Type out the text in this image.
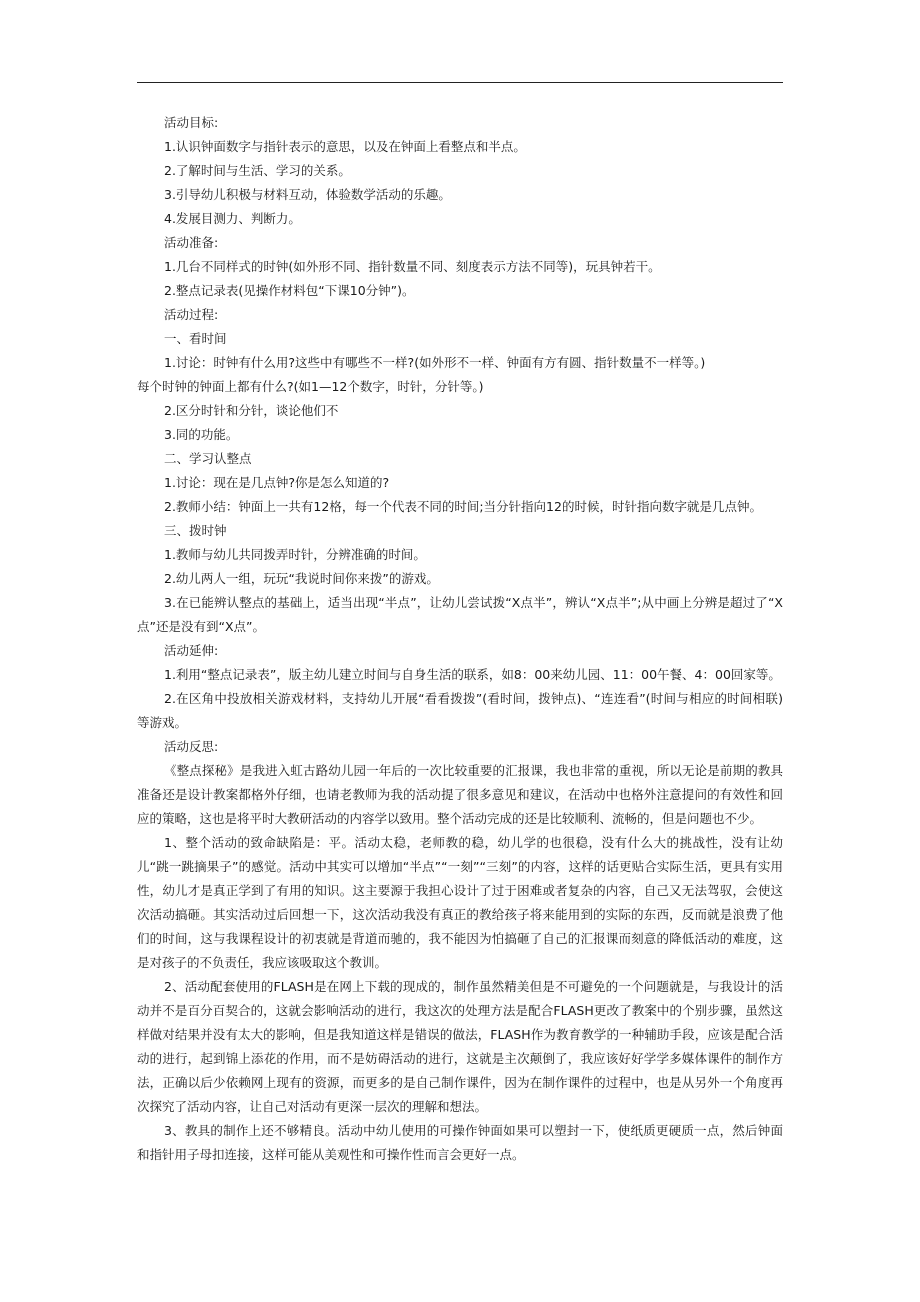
活动目标:

1.认识钟面数字与指针表示的意思，以及在钟面上看整点和半点。

2.了解时间与生活、学习的关系。

3.引导幼儿积极与材料互动，体验数学活动的乐趣。

4.发展目测力、判断力。

活动准备:

1.几台不同样式的时钟(如外形不同、指针数量不同、刻度表示方法不同等)，玩具钟若干。

2.整点记录表(见操作材料包“下课10分钟”)。

活动过程:

一、看时间

1.讨论：时钟有什么用?这些中有哪些不一样?(如外形不一样、钟面有方有圆、指针数量不一样等。)

每个时钟的钟面上都有什么?(如1—12个数字，时针，分针等。)

2.区分时针和分针，谈论他们不

3.同的功能。

二、学习认整点

1.讨论：现在是几点钟?你是怎么知道的?

2.教师小结：钟面上一共有12格，每一个代表不同的时间;当分针指向12的时候，时针指向数字就是几点钟。

三、拨时钟

1.教师与幼儿共同拨弄时针，分辨准确的时间。

2.幼儿两人一组，玩玩“我说时间你来拨”的游戏。

3.在已能辨认整点的基础上，适当出现“半点”，让幼儿尝试拨“X点半”，辨认“X点半”;从中画上分辨是超过了“X点”还是没有到“X点”。

活动延伸:

1.利用“整点记录表”，版主幼儿建立时间与自身生活的联系，如8：00来幼儿园、11：00午餐、4：00回家等。

2.在区角中投放相关游戏材料，支持幼儿开展“看看拨拨”(看时间，拨钟点)、“连连看”(时间与相应的时间相联)等游戏。

活动反思:

《整点探秘》是我进入虹古路幼儿园一年后的一次比较重要的汇报课，我也非常的重视，所以无论是前期的教具准备还是设计教案都格外仔细，也请老教师为我的活动提了很多意见和建议，在活动中也格外注意提问的有效性和回应的策略，这也是将平时大教研活动的内容学以致用。整个活动完成的还是比较顺利、流畅的，但是问题也不少。

1、整个活动的致命缺陷是：平。活动太稳，老师教的稳，幼儿学的也很稳，没有什么大的挑战性，没有让幼儿“跳一跳摘果子”的感觉。活动中其实可以增加“半点”“一刻”“三刻”的内容，这样的话更贴合实际生活，更具有实用性，幼儿才是真正学到了有用的知识。这主要源于我担心设计了过于困难或者复杂的内容，自己又无法驾驭，会使这次活动搞砸。其实活动过后回想一下，这次活动我没有真正的教给孩子将来能用到的实际的东西，反而就是浪费了他们的时间，这与我课程设计的初衷就是背道而驰的，我不能因为怕搞砸了自己的汇报课而刻意的降低活动的难度，这是对孩子的不负责任，我应该吸取这个教训。

2、活动配套使用的FLASH是在网上下载的现成的，制作虽然精美但是不可避免的一个问题就是，与我设计的活动并不是百分百契合的，这就会影响活动的进行，我这次的处理方法是配合FLASH更改了教案中的个别步骤，虽然这样做对结果并没有太大的影响，但是我知道这样是错误的做法，FLASH作为教育教学的一种辅助手段，应该是配合活动的进行，起到锦上添花的作用，而不是妨碍活动的进行，这就是主次颠倒了，我应该好好学学多媒体课件的制作方法，正确以后少依赖网上现有的资源，而更多的是自己制作课件，因为在制作课件的过程中，也是从另外一个角度再次探究了活动内容，让自己对活动有更深一层次的理解和想法。

3、教具的制作上还不够精良。活动中幼儿使用的可操作钟面如果可以塑封一下，使纸质更硬质一点，然后钟面和指针用子母扣连接，这样可能从美观性和可操作性而言会更好一点。
